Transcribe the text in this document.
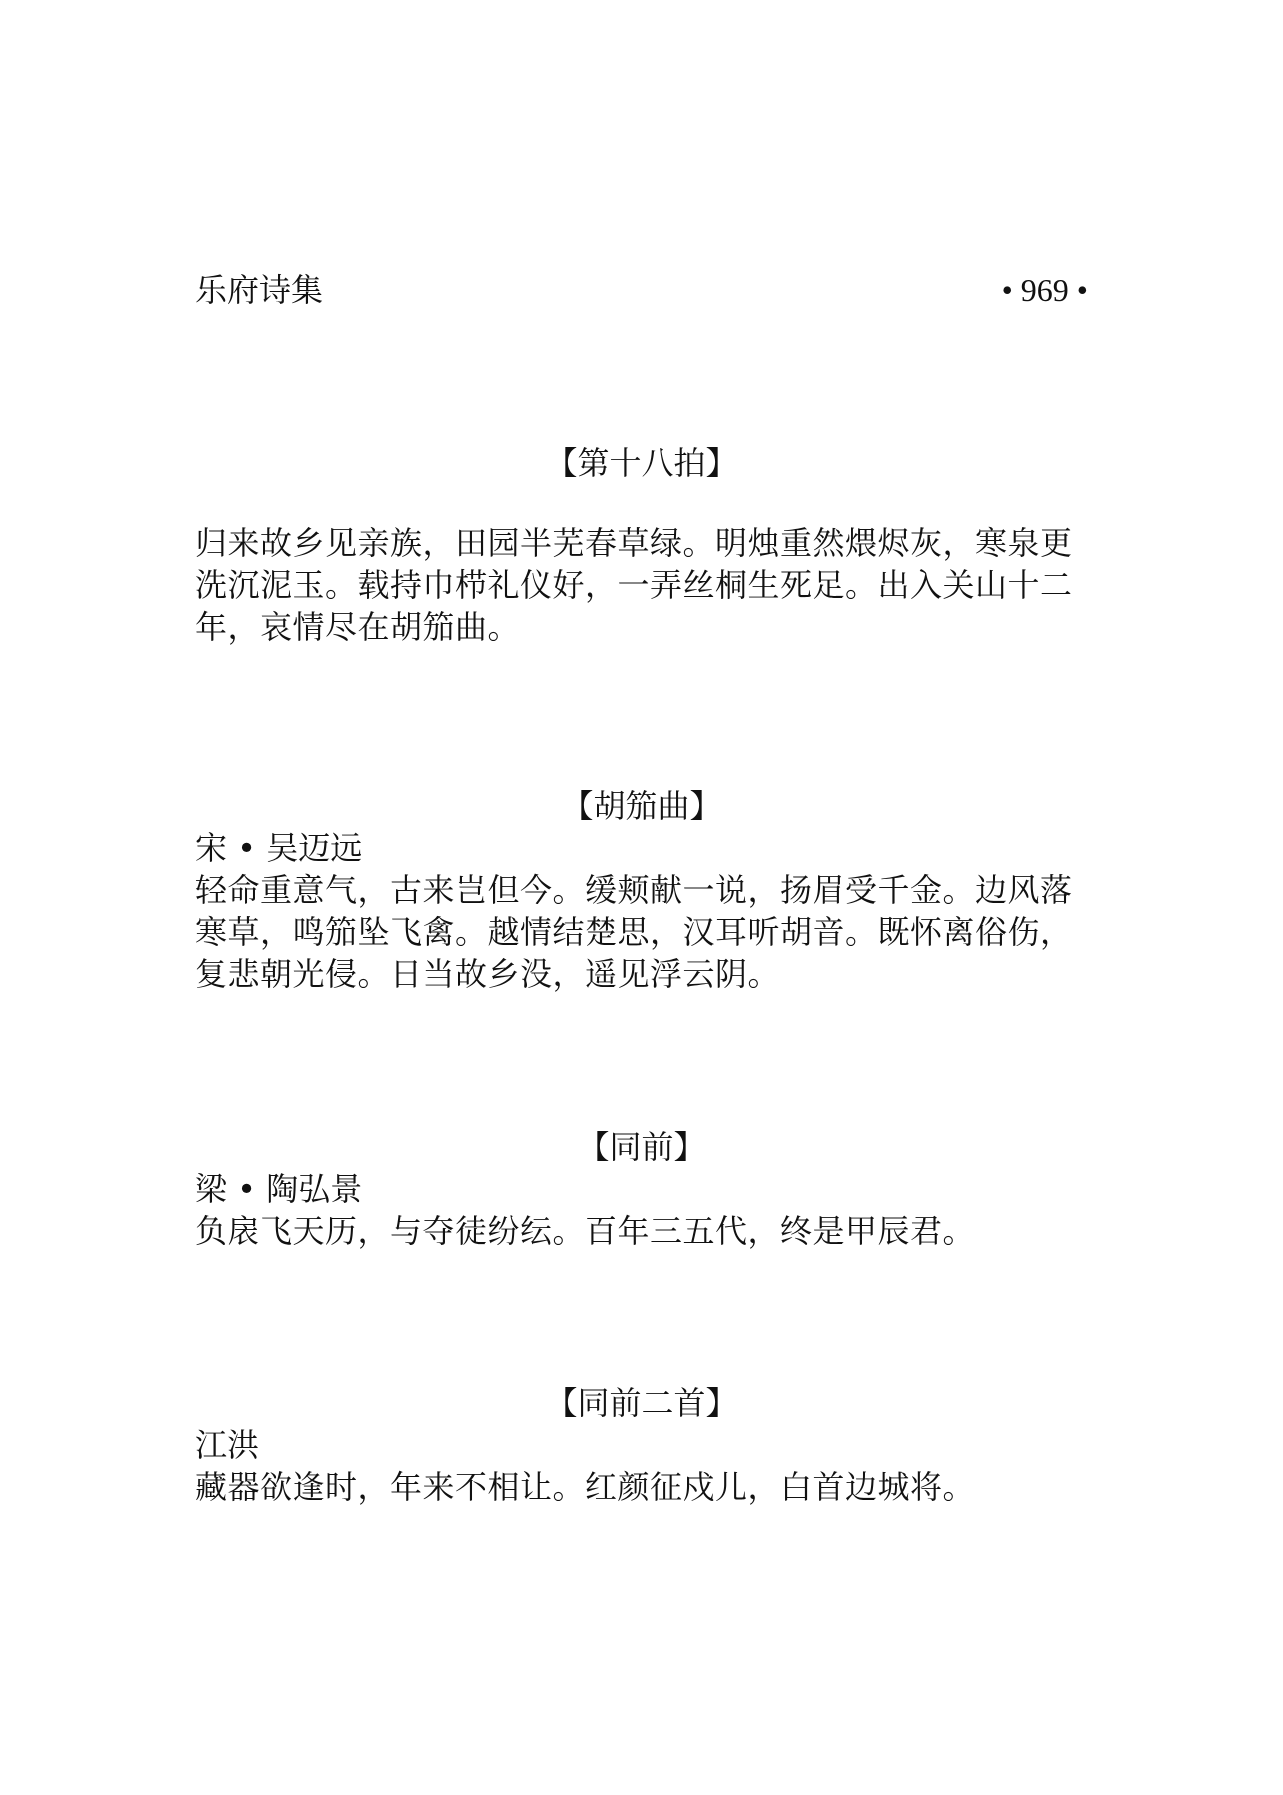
乐府诗集	• 969 •
【第十八拍】
归来故乡见亲族，田园半芜春草绿。明烛重然煨烬灰，寒泉更洗沉泥玉。载持巾栉礼仪好，一弄丝桐生死足。出入关山十二年，哀情尽在胡笳曲。
【胡笳曲】
宋 • 吴迈远
轻命重意气，古来岂但今。缓颊献一说，扬眉受千金。边风落寒草，鸣笳坠飞禽。越情结楚思，汉耳听胡音。既怀离俗伤，复悲朝光侵。日当故乡没，遥见浮云阴。
【同前】
梁 • 陶弘景
负扆飞天历，与夺徒纷纭。百年三五代，终是甲辰君。
【同前二首】
江洪
藏器欲逢时，年来不相让。红颜征戍儿，白首边城将。
